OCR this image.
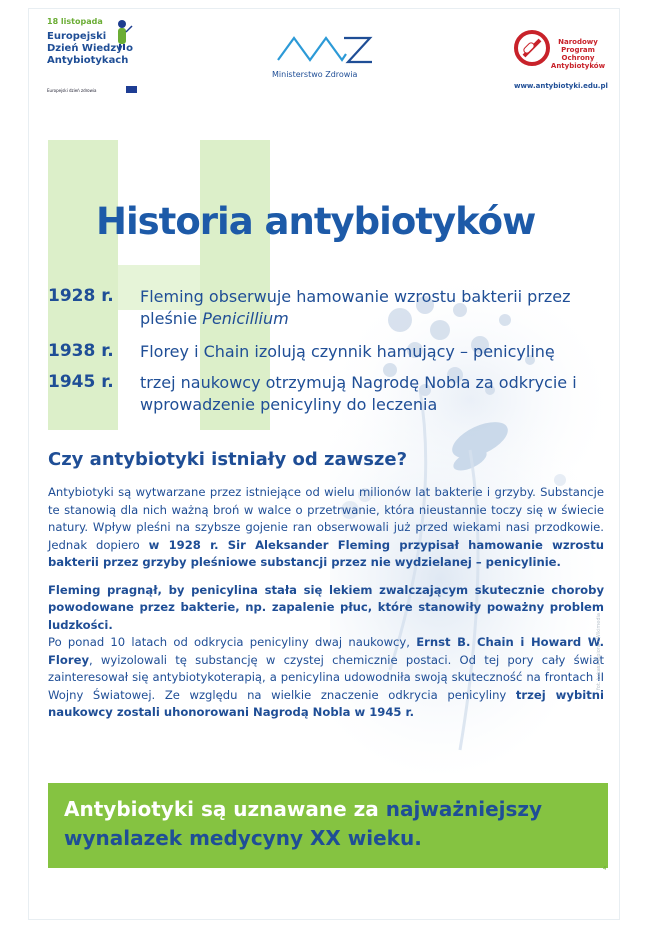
18 listopada
Europejski
Dzień Wiedzy o
Antybiotykach
Europejski dzień zdrowia
Ministerstwo Zdrowia
Narodowy
Program
Ochrony
Antybiotyków
www.antybiotyki.edu.pl
Historia antybiotyków
1928 r. Fleming obserwuje hamowanie wzrostu bakterii przez pleśnie Penicillium
1938 r. Florey i Chain izolują czynnik hamujący – penicylinę
1945 r. trzej naukowcy otrzymują Nagrodę Nobla za odkrycie i wprowadzenie penicyliny do leczenia
Czy antybiotyki istniały od zawsze?

Antybiotyki są wytwarzane przez istniejące od wielu milionów lat bakterie i grzyby. Substancje te stanowią dla nich ważną broń w walce o przetrwanie, która nieustannie toczy się w świecie natury. Wpływ pleśni na szybsze gojenie ran obserwowali już przed wiekami nasi przodkowie. Jednak dopiero w 1928 r. Sir Aleksander Fleming przypisał hamowanie wzrostu bakterii przez grzyby pleśniowe substancji przez nie wydzielanej – penicylinie.

Fleming pragnął, by penicylina stała się lekiem zwalczającym skutecznie choroby powodowane przez bakterie, np. zapalenie płuc, które stanowiły poważny problem ludzkości.

Po ponad 10 latach od odkrycia penicyliny dwaj naukowcy, Ernst B. Chain i Howard W. Florey, wyizolowali tę substancję w czystej chemicznie postaci. Od tej pory cały świat zainteresował się antybiotykoterapią, a penicylina udowodniła swoją skuteczność na frontach II Wojny Światowej. Ze względu na wielkie znaczenie odkrycia penicyliny trzej wybitni naukowcy zostali uhonorowani Nagrodą Nobla w 1945 r.

fot. Łukasz Sipiora - Wikimedia
Antybiotyki są uznawane za najważniejszy
wynalazek medycyny XX wieku.
4
